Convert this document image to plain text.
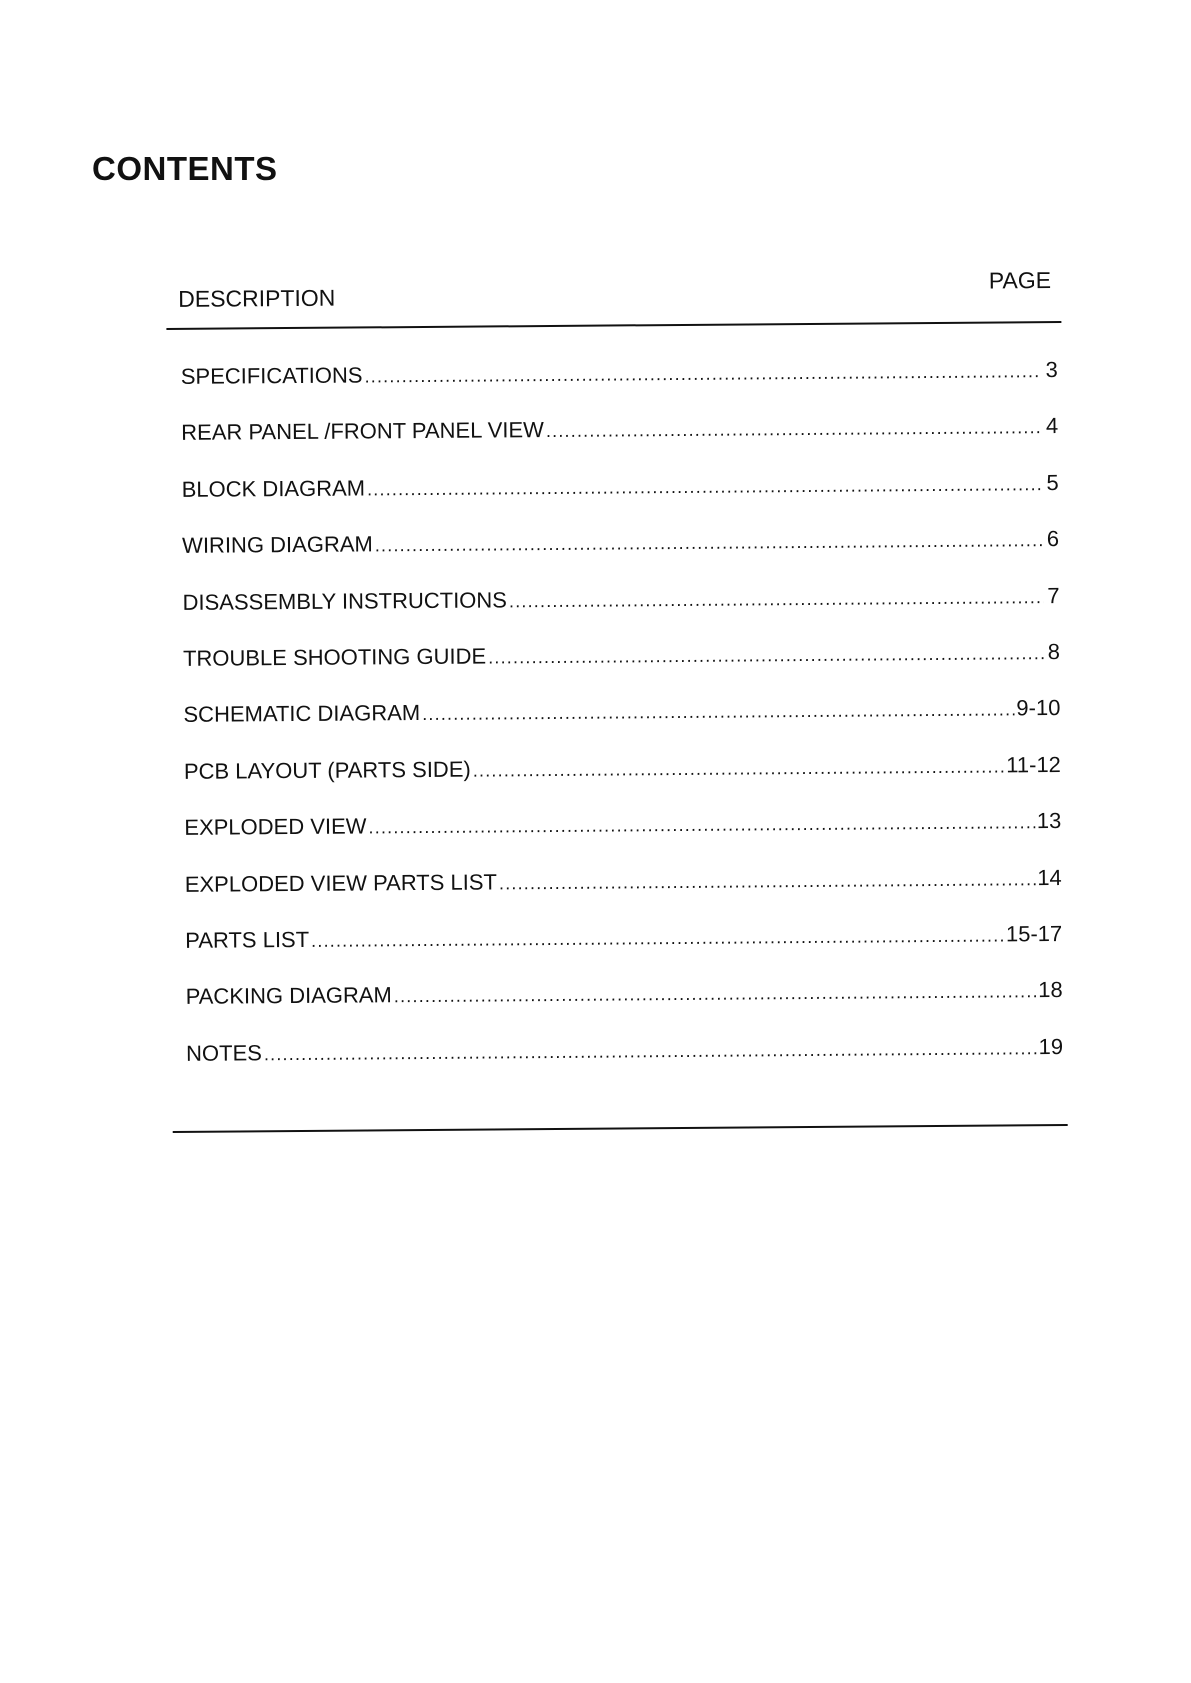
CONTENTS
DESCRIPTION
PAGE
SPECIFICATIONS .....	3
REAR PANEL /FRONT PANEL VIEW .....	4
BLOCK DIAGRAM .....	5
WIRING DIAGRAM .....	6
DISASSEMBLY INSTRUCTIONS .....	7
TROUBLE SHOOTING GUIDE .....	8
SCHEMATIC DIAGRAM .....	9-10
PCB LAYOUT (PARTS SIDE) .....	11-12
EXPLODED VIEW .....	13
EXPLODED VIEW PARTS LIST .....	14
PARTS LIST .....	15-17
PACKING DIAGRAM .....	18
NOTES .....	19
